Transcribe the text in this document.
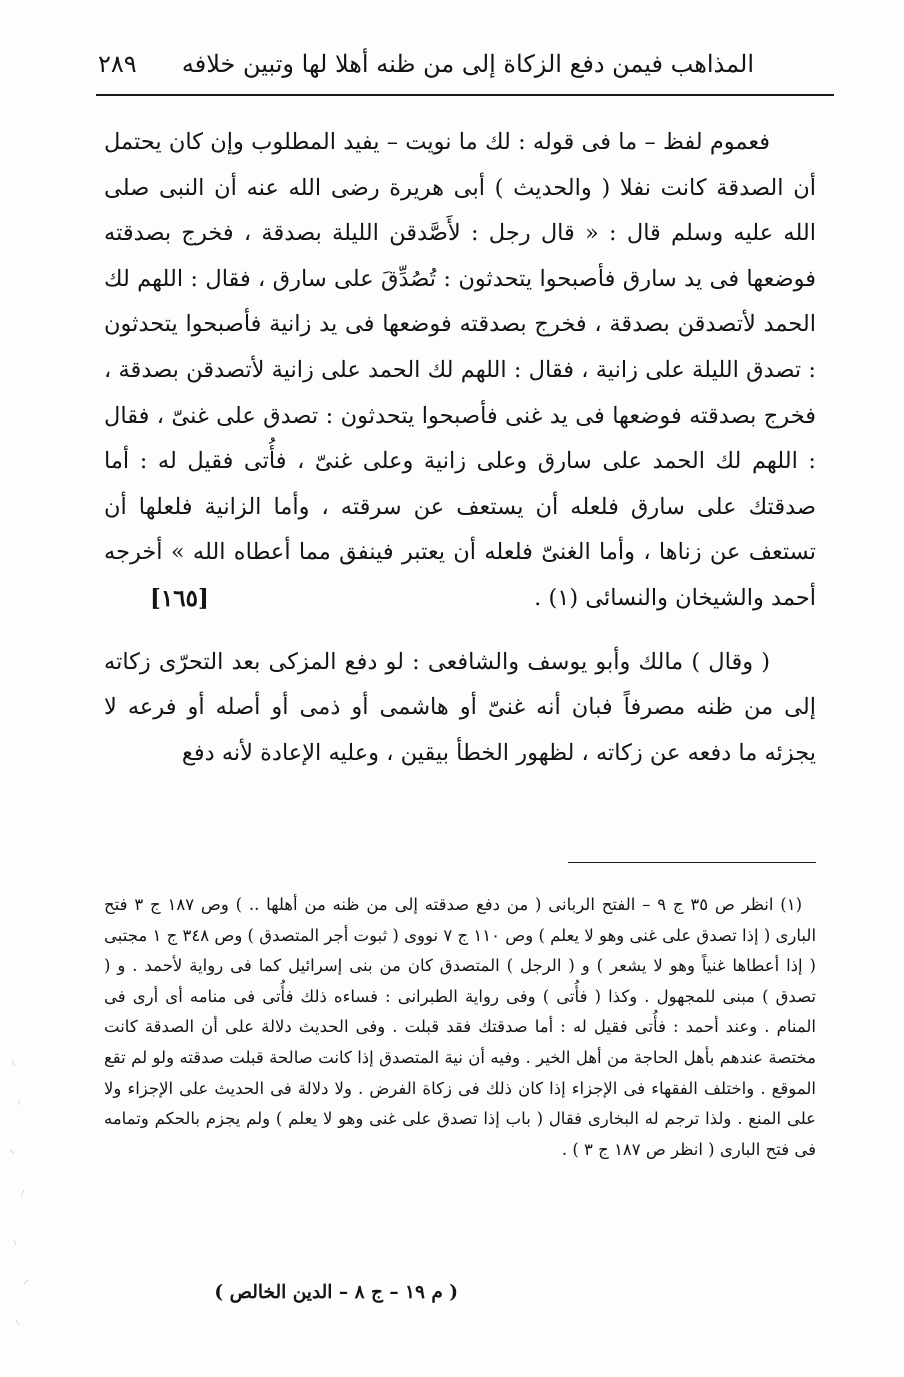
المذاهب فيمن دفع الزكاة إلى من ظنه أهلا لها وتبين خلافه
٢٨٩

فعموم لفظ – ما فى قوله : لك ما نويت – يفيد المطلوب وإن كان يحتمل أن الصدقة كانت نفلا ( والحديث ) أبى هريرة رضى الله عنه أن النبى صلى الله عليه وسلم قال : « قال رجل : لأَصَّدقن الليلة بصدقة ، فخرج بصدقته فوضعها فى يد سارق فأصبحوا يتحدثون : تُصُدِّقَ على سارق ، فقال : اللهم لك الحمد لأتصدقن بصدقة ، فخرج بصدقته فوضعها فى يد زانية فأصبحوا يتحدثون : تصدق الليلة على زانية ، فقال : اللهم لك الحمد على زانية لأتصدقن بصدقة ، فخرج بصدقته فوضعها فى يد غنى فأصبحوا يتحدثون : تصدق على غنىّ ، فقال : اللهم لك الحمد على سارق وعلى زانية وعلى غنىّ ، فأُتى فقيل له : أما صدقتك على سارق فلعله أن يستعف عن سرقته ، وأما الزانية فلعلها أن تستعف عن زناها ، وأما الغنىّ فلعله أن يعتبر فينفق مما أعطاه الله » أخرجه أحمد والشيخان والنسائى (١) .
[١٦٥]

( وقال ) مالك وأبو يوسف والشافعى : لو دفع المزكى بعد التحرّى زكاته إلى من ظنه مصرفاً فبان أنه غنىّ أو هاشمى أو ذمى أو أصله أو فرعه لا يجزئه ما دفعه عن زكاته ، لظهور الخطأ بيقين ، وعليه الإعادة لأنه دفع

(١) انظر ص ٣٥ ج ٩ – الفتح الربانى ( من دفع صدقته إلى من ظنه من أهلها .. ) وص ١٨٧ ج ٣ فتح البارى ( إذا تصدق على غنى وهو لا يعلم ) وص ١١٠ ج ٧ نووى ( ثبوت أجر المتصدق ) وص ٣٤٨ ج ١ مجتبى ( إذا أعطاها غنياً وهو لا يشعر ) و ( الرجل ) المتصدق كان من بنى إسرائيل كما فى رواية لأحمد . و ( تصدق ) مبنى للمجهول . وكذا ( فأُتى ) وفى رواية الطبرانى : فساءه ذلك فأُتى فى منامه أى أرى فى المنام . وعند أحمد : فأُتى فقيل له : أما صدقتك فقد قبلت . وفى الحديث دلالة على أن الصدقة كانت مختصة عندهم بأهل الحاجة من أهل الخير . وفيه أن نية المتصدق إذا كانت صالحة قبلت صدقته ولو لم تقع الموقع . واختلف الفقهاء فى الإجزاء إذا كان ذلك فى زكاة الفرض . ولا دلالة فى الحديث على الإجزاء ولا على المنع . ولذا ترجم له البخارى فقال ( باب إذا تصدق على غنى وهو لا يعلم ) ولم يجزم بالحكم وتمامه فى فتح البارى ( انظر ص ١٨٧ ج ٣ ) .

( م ١٩ – ج ٨ – الدين الخالص )
